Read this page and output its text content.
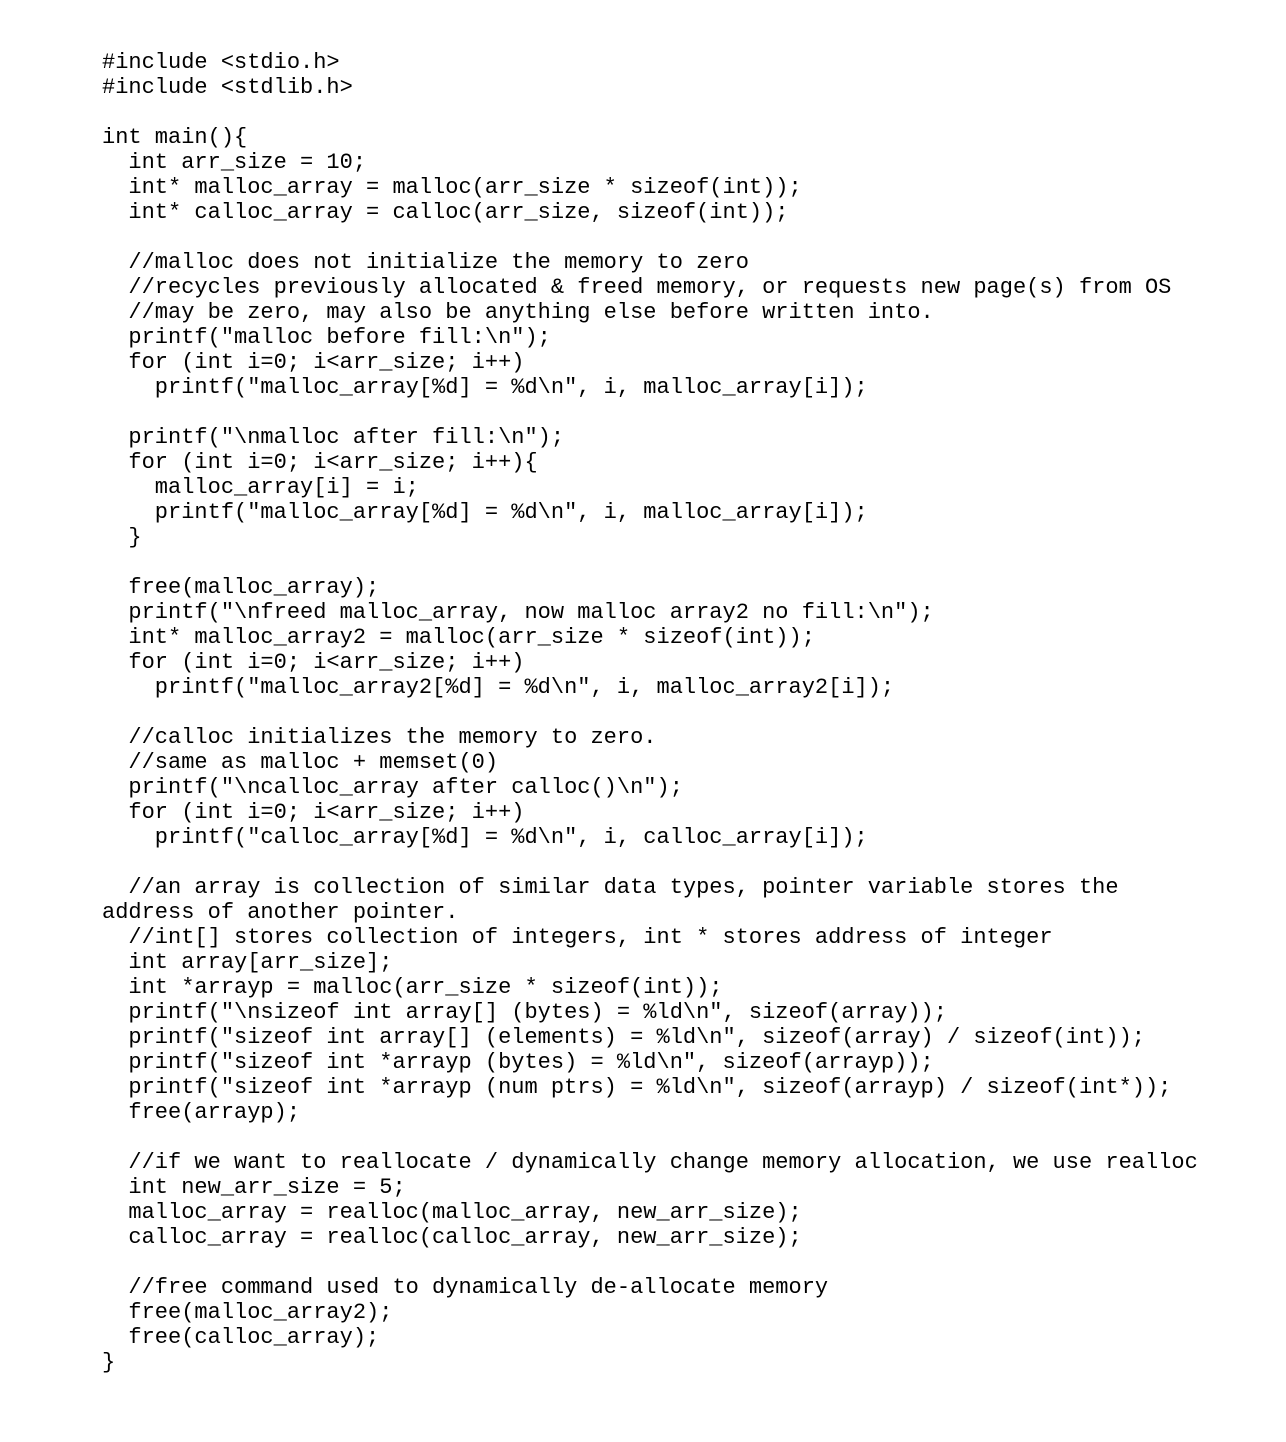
#include <stdio.h>
#include <stdlib.h>
int main(){
int arr_size = 10;
int* malloc_array = malloc(arr_size * sizeof(int));
int* calloc_array = calloc(arr_size, sizeof(int));
//malloc does not initialize the memory to zero
//recycles previously allocated & freed memory, or requests new page(s) from OS
//may be zero, may also be anything else before written into.
printf("malloc before fill:\n");
for (int i=0; i<arr_size; i++)
printf("malloc_array[%d] = %d\n", i, malloc_array[i]);
printf("\nmalloc after fill:\n");
for (int i=0; i<arr_size; i++){
malloc_array[i] = i;
printf("malloc_array[%d] = %d\n", i, malloc_array[i]);
}
free(malloc_array);
printf("\nfreed malloc_array, now malloc array2 no fill:\n");
int* malloc_array2 = malloc(arr_size * sizeof(int));
for (int i=0; i<arr_size; i++)
printf("malloc_array2[%d] = %d\n", i, malloc_array2[i]);
//calloc initializes the memory to zero.
//same as malloc + memset(0)
printf("\ncalloc_array after calloc()\n");
for (int i=0; i<arr_size; i++)
printf("calloc_array[%d] = %d\n", i, calloc_array[i]);
//an array is collection of similar data types, pointer variable stores the
address of another pointer.
//int[] stores collection of integers, int * stores address of integer
int array[arr_size];
int *arrayp = malloc(arr_size * sizeof(int));
printf("\nsizeof int array[] (bytes) = %ld\n", sizeof(array));
printf("sizeof int array[] (elements) = %ld\n", sizeof(array) / sizeof(int));
printf("sizeof int *arrayp (bytes) = %ld\n", sizeof(arrayp));
printf("sizeof int *arrayp (num ptrs) = %ld\n", sizeof(arrayp) / sizeof(int*));
free(arrayp);
//if we want to reallocate / dynamically change memory allocation, we use realloc
int new_arr_size = 5;
malloc_array = realloc(malloc_array, new_arr_size);
calloc_array = realloc(calloc_array, new_arr_size);
//free command used to dynamically de-allocate memory
free(malloc_array2);
free(calloc_array);
}
